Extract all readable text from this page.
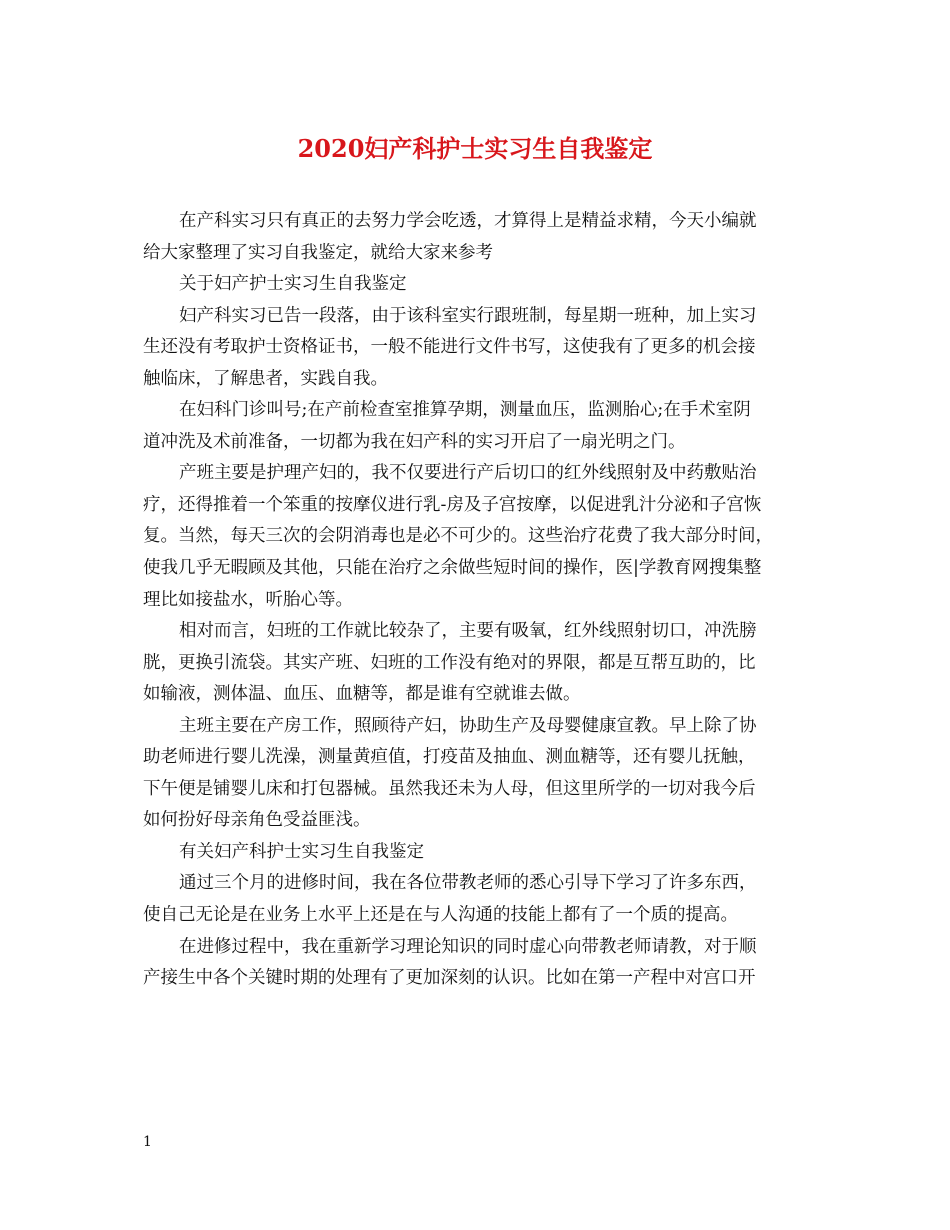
2020妇产科护士实习生自我鉴定
在产科实习只有真正的去努力学会吃透，才算得上是精益求精，今天小编就
给大家整理了实习自我鉴定，就给大家来参考
关于妇产护士实习生自我鉴定
妇产科实习已告一段落，由于该科室实行跟班制，每星期一班种，加上实习
生还没有考取护士资格证书，一般不能进行文件书写，这使我有了更多的机会接
触临床，了解患者，实践自我。
在妇科门诊叫号;在产前检查室推算孕期，测量血压，监测胎心;在手术室阴
道冲洗及术前准备，一切都为我在妇产科的实习开启了一扇光明之门。
产班主要是护理产妇的，我不仅要进行产后切口的红外线照射及中药敷贴治
疗，还得推着一个笨重的按摩仪进行乳-房及子宫按摩，以促进乳汁分泌和子宫恢
复。当然，每天三次的会阴消毒也是必不可少的。这些治疗花费了我大部分时间，
使我几乎无暇顾及其他，只能在治疗之余做些短时间的操作，医|学教育网搜集整
理比如接盐水，听胎心等。
相对而言，妇班的工作就比较杂了，主要有吸氧，红外线照射切口，冲洗膀
胱，更换引流袋。其实产班、妇班的工作没有绝对的界限，都是互帮互助的，比
如输液，测体温、血压、血糖等，都是谁有空就谁去做。
主班主要在产房工作，照顾待产妇，协助生产及母婴健康宣教。早上除了协
助老师进行婴儿洗澡，测量黄疸值，打疫苗及抽血、测血糖等，还有婴儿抚触，
下午便是铺婴儿床和打包器械。虽然我还未为人母，但这里所学的一切对我今后
如何扮好母亲角色受益匪浅。
有关妇产科护士实习生自我鉴定
通过三个月的进修时间，我在各位带教老师的悉心引导下学习了许多东西，
使自己无论是在业务上水平上还是在与人沟通的技能上都有了一个质的提高。
在进修过程中，我在重新学习理论知识的同时虚心向带教老师请教，对于顺
产接生中各个关键时期的处理有了更加深刻的认识。比如在第一产程中对宫口开
1
